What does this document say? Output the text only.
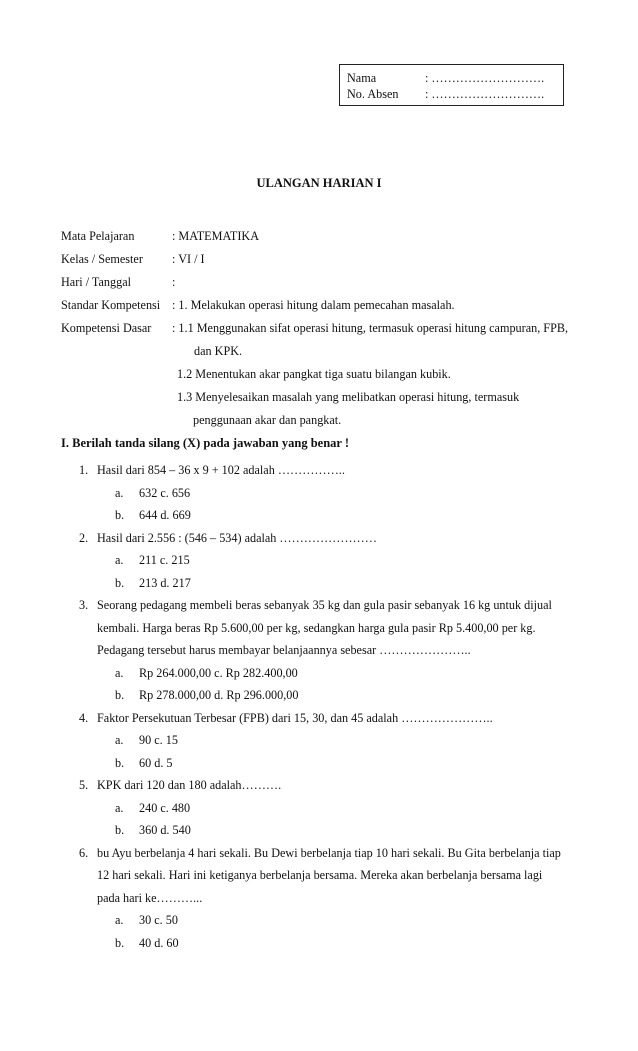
Nama	: ……………………….
No. Absen : ……………………….
ULANGAN HARIAN I
Mata Pelajaran	: MATEMATIKA
Kelas / Semester	: VI / I
Hari / Tanggal	:
Standar Kompetensi : 1. Melakukan operasi hitung dalam pemecahan masalah.
Kompetensi Dasar	: 1.1 Menggunakan sifat operasi hitung, termasuk operasi hitung campuran, FPB,
dan KPK.
1.2 Menentukan akar pangkat tiga suatu bilangan kubik.
1.3 Menyelesaikan masalah yang melibatkan operasi hitung, termasuk
penggunaan akar dan pangkat.
I. Berilah tanda silang (X) pada jawaban yang benar !
1. Hasil dari 854 – 36 x 9 + 102 adalah ……………..
a.	632 c. 656
b.	644 d. 669
2. Hasil dari 2.556 : (546 – 534) adalah ……………………
a.	211 c. 215
b.	213 d. 217
3. Seorang pedagang membeli beras sebanyak 35 kg dan gula pasir sebanyak 16 kg untuk dijual
kembali. Harga beras Rp 5.600,00 per kg, sedangkan harga gula pasir Rp 5.400,00 per kg.
Pedagang tersebut harus membayar belanjaannya sebesar …………………..
a.	Rp 264.000,00 c. Rp 282.400,00
b.	Rp 278.000,00 d. Rp 296.000,00
4. Faktor Persekutuan Terbesar (FPB) dari 15, 30, dan 45 adalah …………………..
a.	90 c. 15
b.	60 d. 5
5. KPK dari 120 dan 180 adalah……….
a.	240 c. 480
b.	360 d. 540
6. bu Ayu berbelanja 4 hari sekali. Bu Dewi berbelanja tiap 10 hari sekali. Bu Gita berbelanja tiap
12 hari sekali. Hari ini ketiganya berbelanja bersama. Mereka akan berbelanja bersama lagi
pada hari ke………...
a.	30 c. 50
b.	40 d. 60
